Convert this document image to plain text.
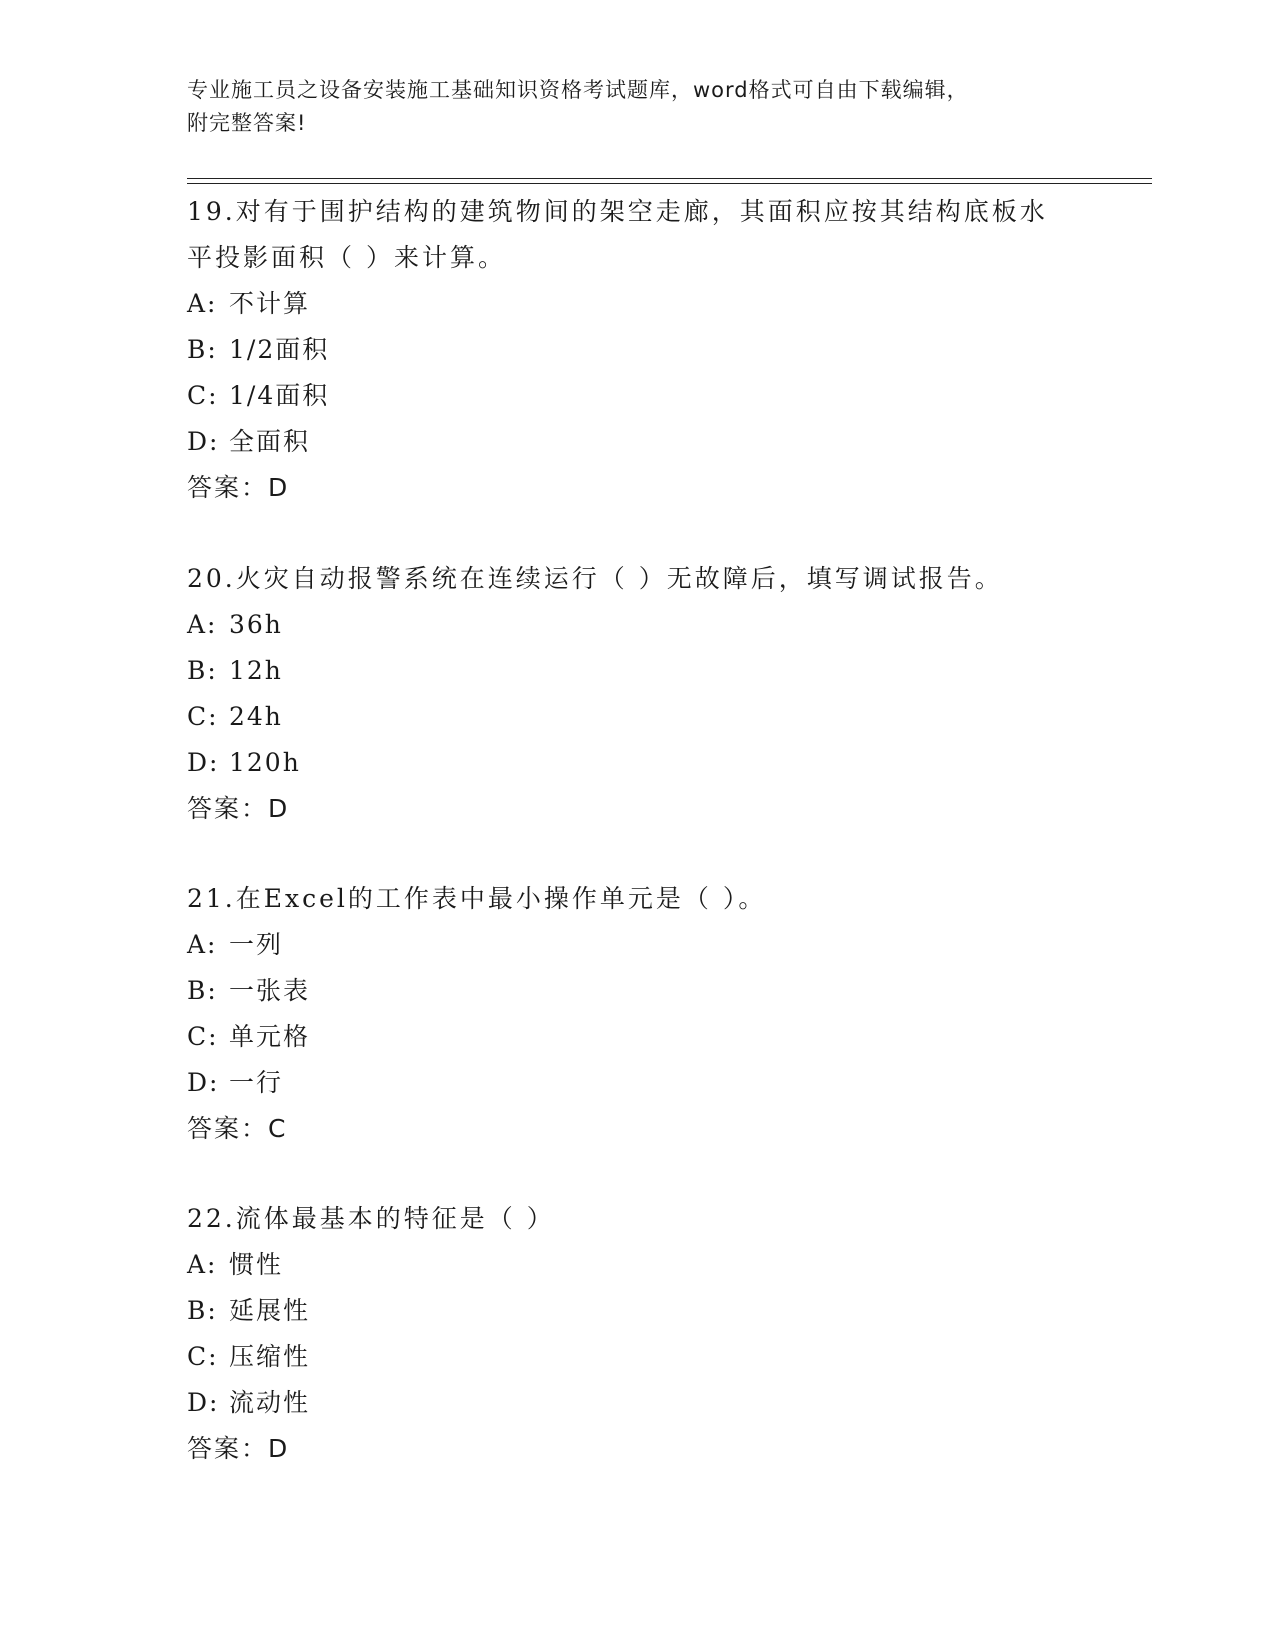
专业施工员之设备安装施工基础知识资格考试题库，word格式可自由下载编辑，
附完整答案!
19.对有于围护结构的建筑物间的架空走廊，其面积应按其结构底板水平投影面积（ ）来计算。
A: 不计算
B: 1/2面积
C: 1/4面积
D: 全面积
答案：D
20.火灾自动报警系统在连续运行（ ）无故障后，填写调试报告。
A: 36h
B: 12h
C: 24h
D: 120h
答案：D
21.在Excel的工作表中最小操作单元是（ ）。
A: 一列
B: 一张表
C: 单元格
D: 一行
答案：C
22.流体最基本的特征是（ ）
A: 惯性
B: 延展性
C: 压缩性
D: 流动性
答案：D
